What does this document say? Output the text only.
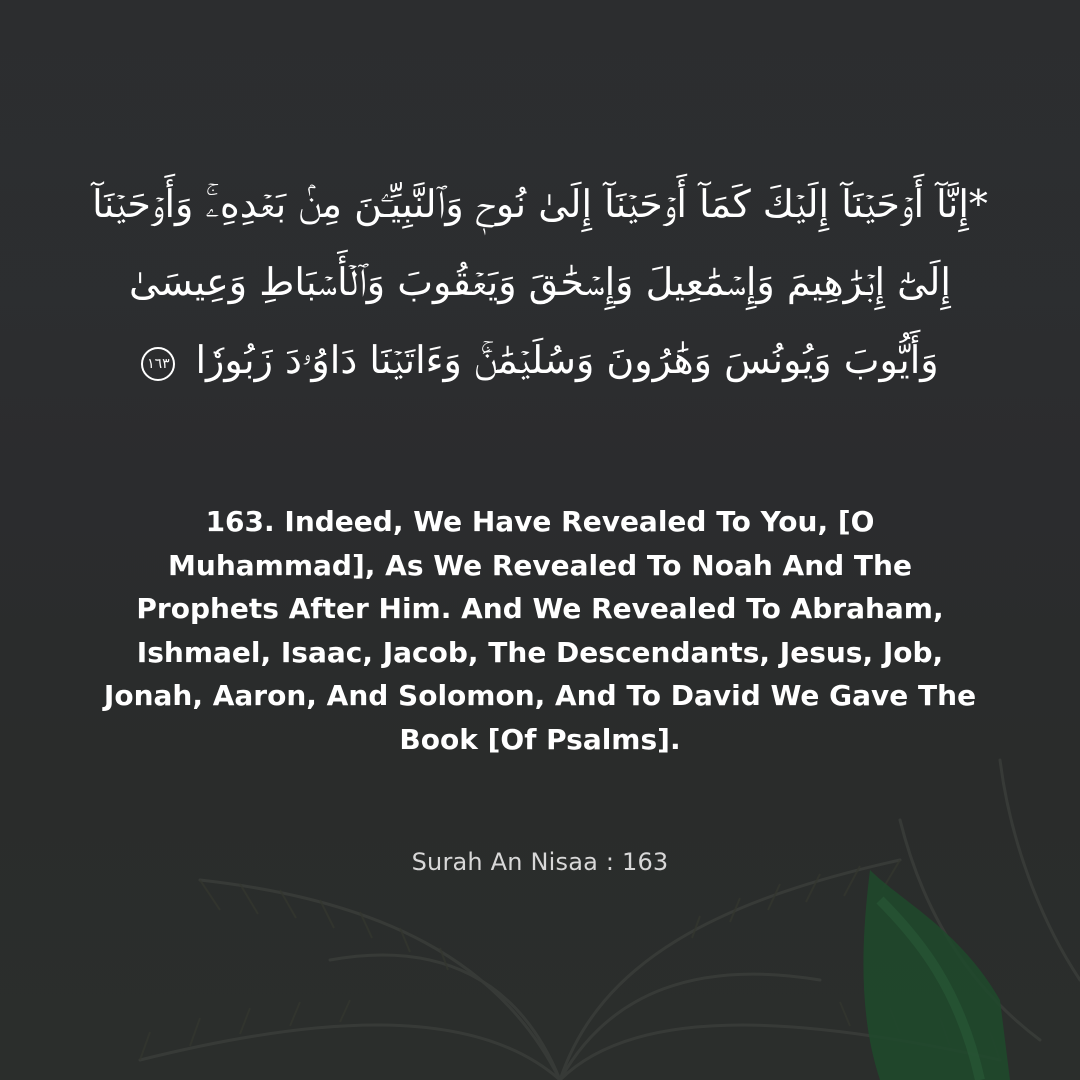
*إِنَّآ أَوۡحَيۡنَآ إِلَيۡكَ كَمَآ أَوۡحَيۡنَآ إِلَىٰ نُوحٖ وَٱلنَّبِيِّـۧنَ مِنۢ بَعۡدِهِۦۚ وَأَوۡحَيۡنَآ إِلَىٰٓ إِبۡرَٰهِيمَ وَإِسۡمَٰعِيلَ وَإِسۡحَٰقَ وَيَعۡقُوبَ وَٱلۡأَسۡبَاطِ وَعِيسَىٰ وَأَيُّوبَ وَيُونُسَ وَهَٰرُونَ وَسُلَيۡمَٰنَۚ وَءَاتَيۡنَا دَاوُۥدَ زَبُورٗا ١٦٣
163. Indeed, We Have Revealed To You, [O Muhammad], As We Revealed To Noah And The Prophets After Him. And We Revealed To Abraham, Ishmael, Isaac, Jacob, The Descendants, Jesus, Job, Jonah, Aaron, And Solomon, And To David We Gave The Book [Of Psalms].
Surah An Nisaa : 163
